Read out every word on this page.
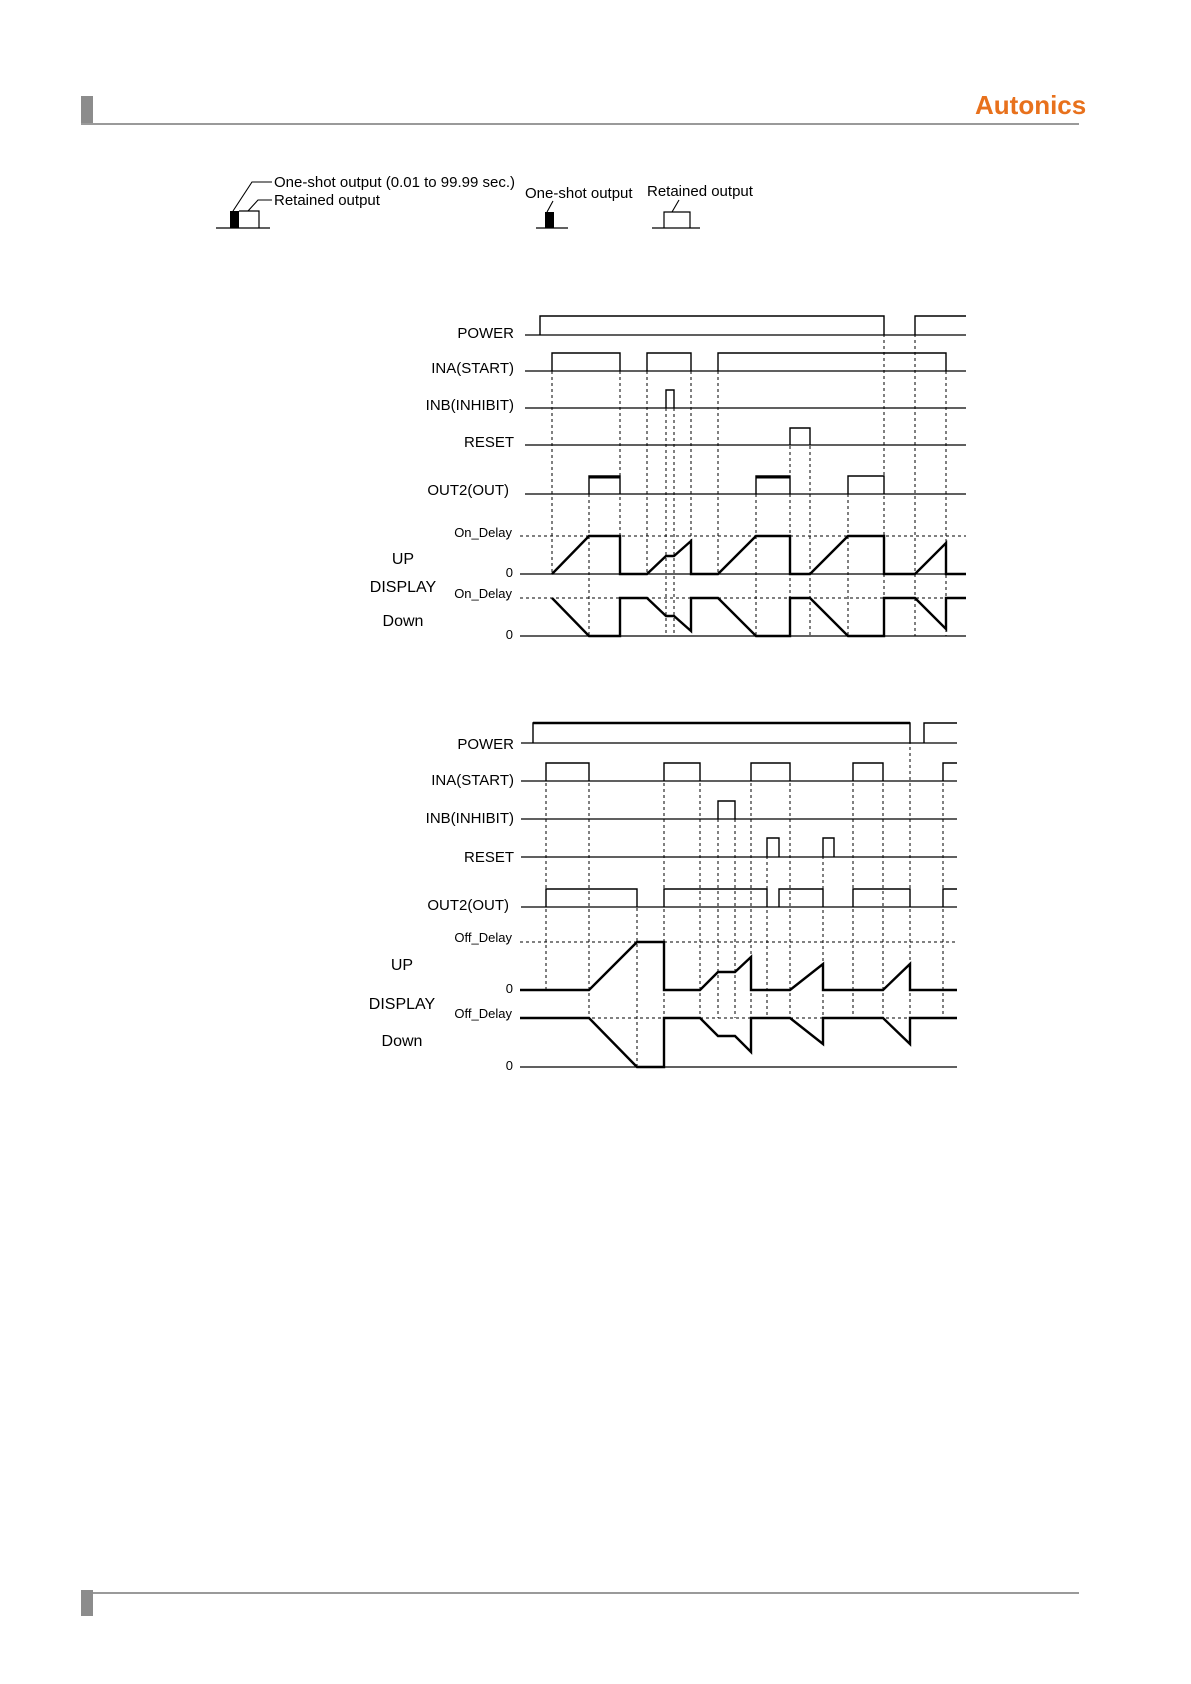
Autonics
One-shot output (0.01 to 99.99 sec.)
Retained output	One-shot output Retained output
POWER
INA(START)
INB(INHIBIT)
RESET
OUT2(OUT)
On_Delay
0
On_Delay
0
UP
DISPLAY
Down
POWER
INA(START)
INB(INHIBIT)
RESET
OUT2(OUT)
Off_Delay
0
Off_Delay
0
UP
DISPLAY
Down
